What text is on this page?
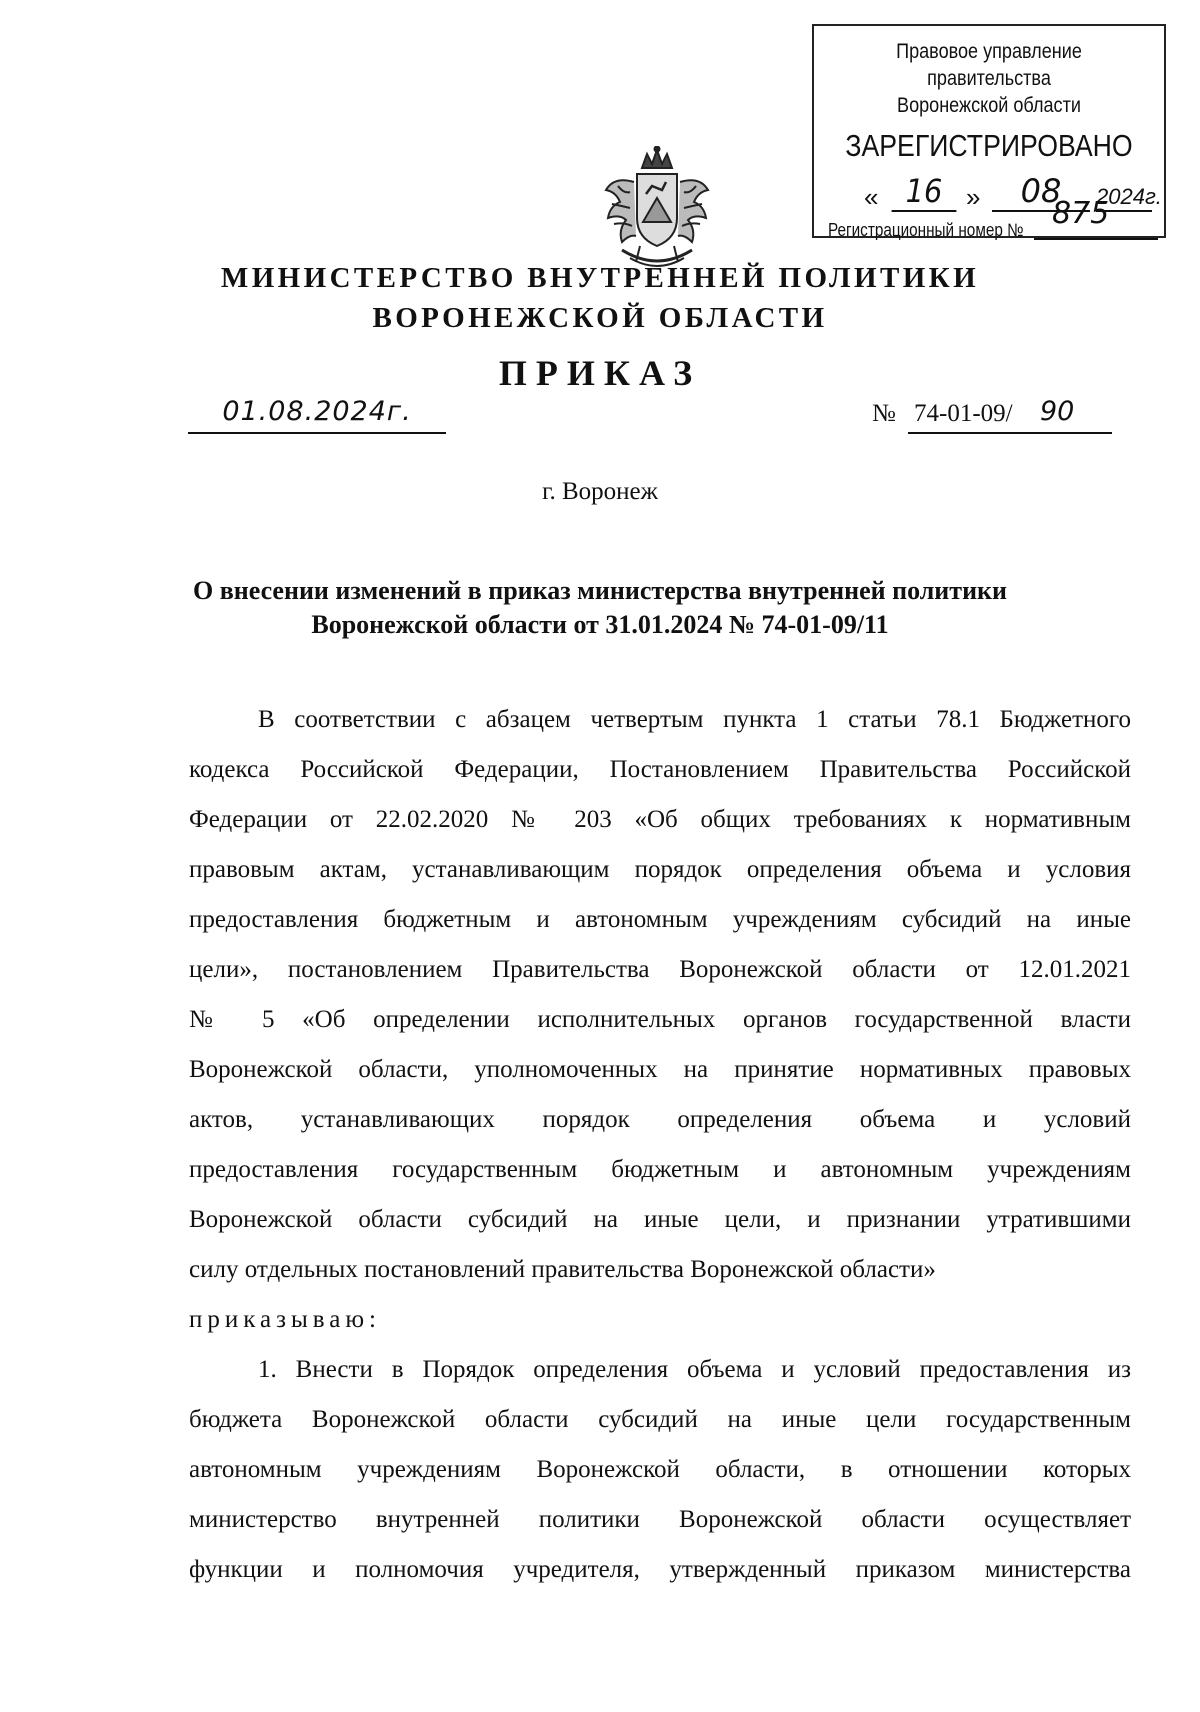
Правовое управление правительства
Воронежской области
ЗАРЕГИСТРИРОВАНО
« 16 »	08	2024г.
Регистрационный номер № 875
МИНИСТЕРСТВО ВНУТРЕННЕЙ ПОЛИТИКИ
ВОРОНЕЖСКОЙ ОБЛАСТИ
ПРИКАЗ
01.08.2024г.	№ 74-01-09/ 90
г. Воронеж
О внесении изменений в приказ министерства внутренней политики
Воронежской области от 31.01.2024 № 74-01-09/11
В соответствии с абзацем четвертым пункта 1 статьи 78.1 Бюджетного
кодекса Российской Федерации, Постановлением Правительства Российской
Федерации от 22.02.2020 № 203 «Об общих требованиях к нормативным
правовым актам, устанавливающим порядок определения объема и условия
предоставления бюджетным и автономным учреждениям субсидий на иные
цели», постановлением Правительства Воронежской области от 12.01.2021
№ 5 «Об определении исполнительных органов государственной власти
Воронежской области, уполномоченных на принятие нормативных правовых
актов, устанавливающих порядок определения объема и условий
предоставления государственным бюджетным и автономным учреждениям
Воронежской области субсидий на иные цели, и признании утратившими
силу отдельных постановлений правительства Воронежской области»
приказываю:
1. Внести в Порядок определения объема и условий предоставления из
бюджета Воронежской области субсидий на иные цели государственным
автономным учреждениям Воронежской области, в отношении которых
министерство внутренней политики Воронежской области осуществляет
функции и полномочия учредителя, утвержденный приказом министерства
